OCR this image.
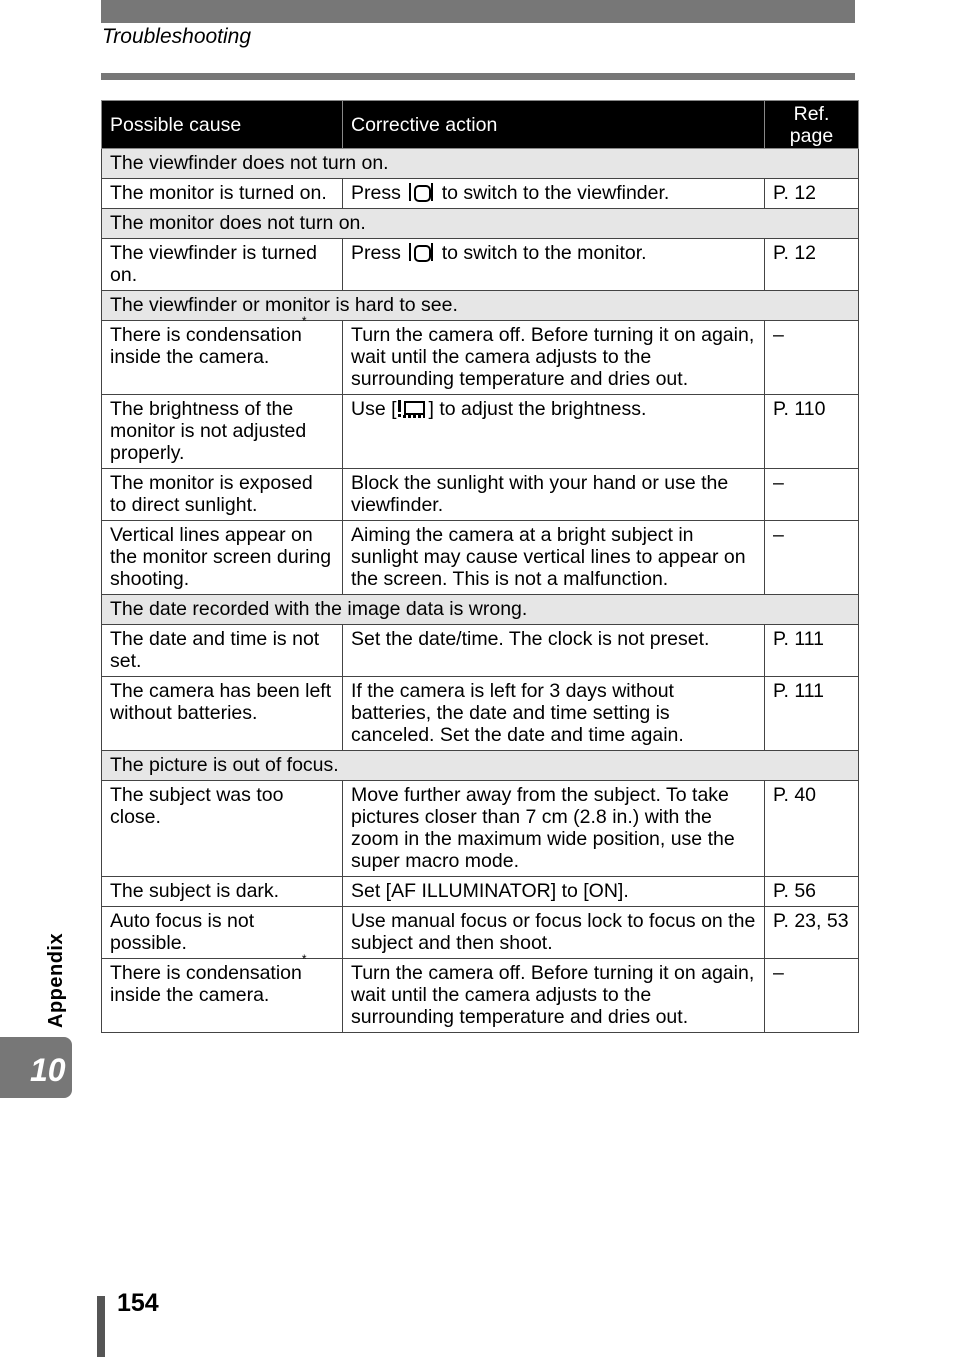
Troubleshooting
Possible cause	Corrective action	Ref. page
The viewfinder does not turn on.		
The monitor is turned on.	Press to switch to the viewfinder.	P. 12
The monitor does not turn on.		
The viewfinder is turned on.	Press to switch to the monitor.	P. 12
The viewfinder or monitor is hard to see.		
There is condensation*
inside the camera.	Turn the camera off. Before turning it on again, wait until the camera adjusts to the surrounding temperature and dries out.	–
The brightness of the monitor is not adjusted properly.	Use [ ] to adjust the brightness.	P. 110
The monitor is exposed to direct sunlight.	Block the sunlight with your hand or use the viewfinder.	–
Vertical lines appear on the monitor screen during shooting.	Aiming the camera at a bright subject in sunlight may cause vertical lines to appear on the screen. This is not a malfunction.	–
The date recorded with the image data is wrong.		
The date and time is not set.	Set the date/time. The clock is not preset.	P. 111
The camera has been left without batteries.	If the camera is left for 3 days without batteries, the date and time setting is canceled. Set the date and time again.	P. 111
The picture is out of focus.		
The subject was too close.	Move further away from the subject. To take pictures closer than 7 cm (2.8 in.) with the zoom in the maximum wide position, use the super macro mode.	P. 40
The subject is dark.	Set [AF ILLUMINATOR] to [ON].	P. 56
Auto focus is not possible.	Use manual focus or focus lock to focus on the subject and then shoot.	P. 23, 53
There is condensation*
inside the camera.	Turn the camera off. Before turning it on again, wait until the camera adjusts to the surrounding temperature and dries out.	–
Appendix
10
154
